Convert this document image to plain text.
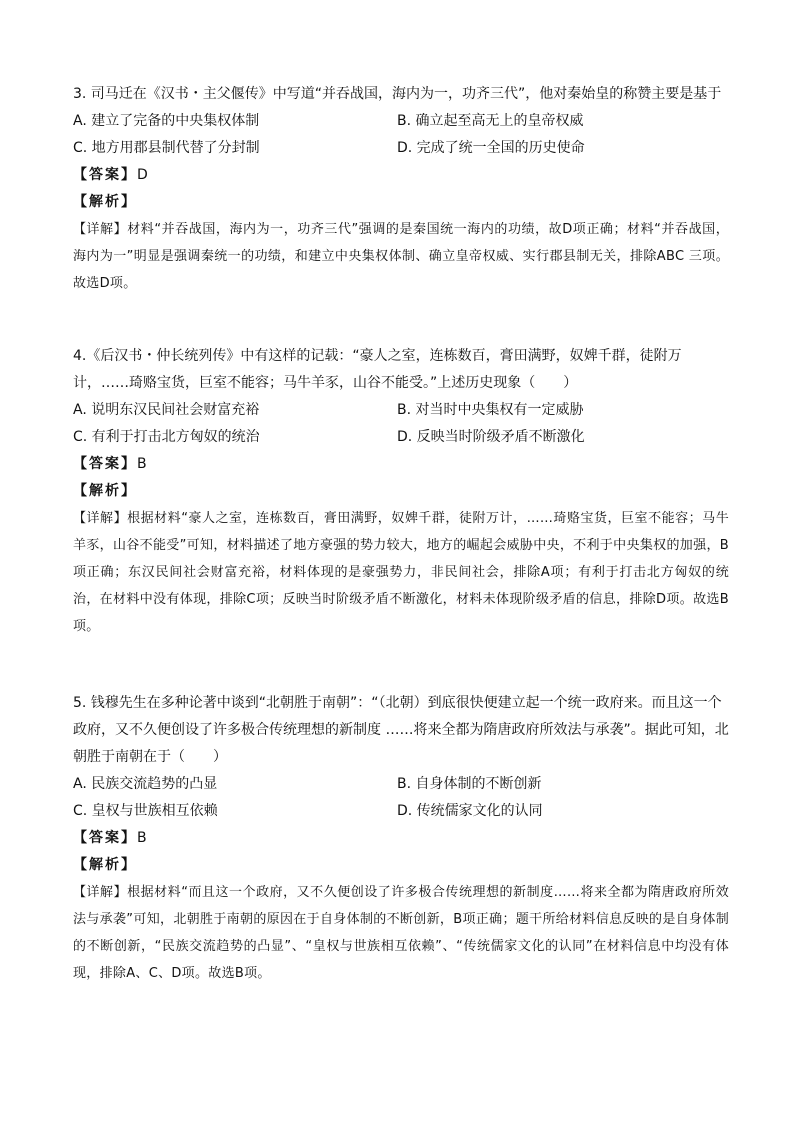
3. 司马迁在《汉书・主父偃传》中写道“并吞战国，海内为一，功齐三代”，他对秦始皇的称赞主要是基于

A. 建立了完备的中央集权体制	B. 确立起至高无上的皇帝权威
C. 地方用郡县制代替了分封制	D. 完成了统一全国的历史使命

【答案】D

【解析】

【详解】材料“并吞战国，海内为一，功齐三代”强调的是秦国统一海内的功绩，故D项正确；材料“并吞战国，海内为一”明显是强调秦统一的功绩，和建立中央集权体制、确立皇帝权威、实行郡县制无关，排除ABC 三项。故选D项。

4.《后汉书・仲长统列传》中有这样的记载：“豪人之室，连栋数百，膏田满野，奴婢千群，徒附万计，……琦赂宝货，巨室不能容；马牛羊豕，山谷不能受。”上述历史现象（　　）

A. 说明东汉民间社会财富充裕	B. 对当时中央集权有一定威胁
C. 有利于打击北方匈奴的统治	D. 反映当时阶级矛盾不断激化

【答案】B

【解析】

【详解】根据材料“豪人之室，连栋数百，膏田满野，奴婢千群，徒附万计，……琦赂宝货，巨室不能容；马牛羊豕，山谷不能受”可知，材料描述了地方豪强的势力较大，地方的崛起会威胁中央，不利于中央集权的加强，B项正确；东汉民间社会财富充裕，材料体现的是豪强势力，非民间社会，排除A项；有利于打击北方匈奴的统治，在材料中没有体现，排除C项；反映当时阶级矛盾不断激化，材料未体现阶级矛盾的信息，排除D项。故选B项。

5. 钱穆先生在多种论著中谈到“北朝胜于南朝”：“（北朝）到底很快便建立起一个统一政府来。而且这一个政府，又不久便创设了许多极合传统理想的新制度 ……将来全都为隋唐政府所效法与承袭”。据此可知，北朝胜于南朝在于（　　）

A. 民族交流趋势的凸显	B. 自身体制的不断创新
C. 皇权与世族相互依赖	D. 传统儒家文化的认同

【答案】B

【解析】

【详解】根据材料“而且这一个政府，又不久便创设了许多极合传统理想的新制度……将来全都为隋唐政府所效法与承袭”可知，北朝胜于南朝的原因在于自身体制的不断创新，B项正确；题干所给材料信息反映的是自身体制的不断创新，“民族交流趋势的凸显”、“皇权与世族相互依赖”、“传统儒家文化的认同”在材料信息中均没有体现，排除A、C、D项。故选B项。
